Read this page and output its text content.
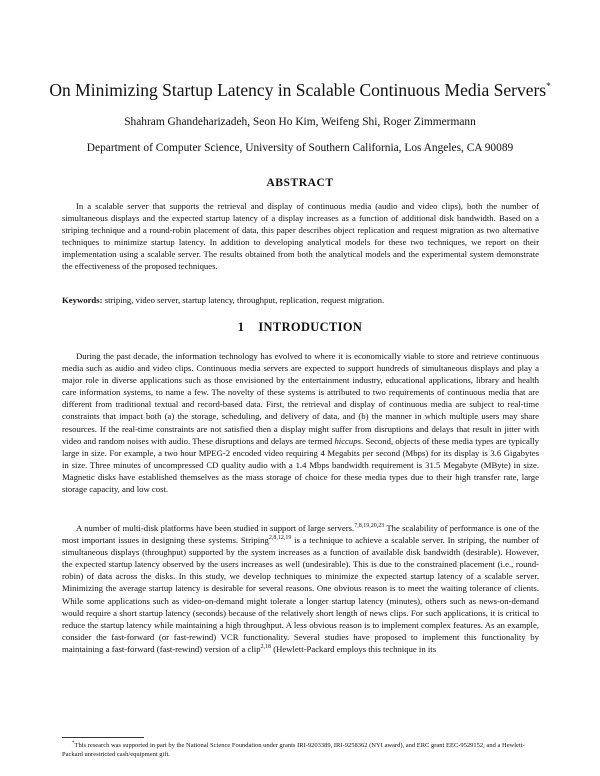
On Minimizing Startup Latency in Scalable Continuous Media Servers*
Shahram Ghandeharizadeh, Seon Ho Kim, Weifeng Shi, Roger Zimmermann
Department of Computer Science, University of Southern California, Los Angeles, CA 90089
ABSTRACT

In a scalable server that supports the retrieval and display of continuous media (audio and video clips), both the number of simultaneous displays and the expected startup latency of a display increases as a function of additional disk bandwidth. Based on a striping technique and a round-robin placement of data, this paper describes object replication and request migration as two alternative techniques to minimize startup latency. In addition to developing analytical models for these two techniques, we report on their implementation using a scalable server. The results obtained from both the analytical models and the experimental system demonstrate the effectiveness of the proposed techniques.

Keywords: striping, video server, startup latency, throughput, replication, request migration.
1 INTRODUCTION

During the past decade, the information technology has evolved to where it is economically viable to store and retrieve continuous media such as audio and video clips. Continuous media servers are expected to support hundreds of simultaneous displays and play a major role in diverse applications such as those envisioned by the entertainment industry, educational applications, library and health care information systems, to name a few. The novelty of these systems is attributed to two requirements of continuous media that are different from traditional textual and record-based data. First, the retrieval and display of continuous media are subject to real-time constraints that impact both (a) the storage, scheduling, and delivery of data, and (b) the manner in which multiple users may share resources. If the real-time constraints are not satisfied then a display might suffer from disruptions and delays that result in jitter with video and random noises with audio. These disruptions and delays are termed hiccups. Second, objects of these media types are typically large in size. For example, a two hour MPEG-2 encoded video requiring 4 Megabits per second (Mbps) for its display is 3.6 Gigabytes in size. Three minutes of uncompressed CD quality audio with a 1.4 Mbps bandwidth requirement is 31.5 Megabyte (MByte) in size. Magnetic disks have established themselves as the mass storage of choice for these media types due to their high transfer rate, large storage capacity, and low cost.

A number of multi-disk platforms have been studied in support of large servers.$^{7,8,19,20,23}$ The scalability of performance is one of the most important issues in designing these systems. Striping$^{2,8,12,19}$ is a technique to achieve a scalable server. In striping, the number of simultaneous displays (throughput) supported by the system increases as a function of available disk bandwidth (desirable). However, the expected startup latency observed by the users increases as well (undesirable). This is due to the constrained placement (i.e., round-robin) of data across the disks. In this study, we develop techniques to minimize the expected startup latency of a scalable server. Minimizing the average startup latency is desirable for several reasons. One obvious reason is to meet the waiting tolerance of clients. While some applications such as video-on-demand might tolerate a longer startup latency (minutes), others such as news-on-demand would require a short startup latency (seconds) because of the relatively short length of news clips. For such applications, it is critical to reduce the startup latency while maintaining a high throughput. A less obvious reason is to implement complex features. As an example, consider the fast-forward (or fast-rewind) VCR functionality. Several studies have proposed to implement this functionality by maintaining a fast-forward (fast-rewind) version of a clip$^{2,18}$ (Hewlett-Packard employs this technique in its

*This research was supported in part by the National Science Foundation under grants IRI-9203389, IRI-9258362 (NYI award), and ERC grant EEC-9529152, and a Hewlett-Packard unrestricted cash/equipment gift.
